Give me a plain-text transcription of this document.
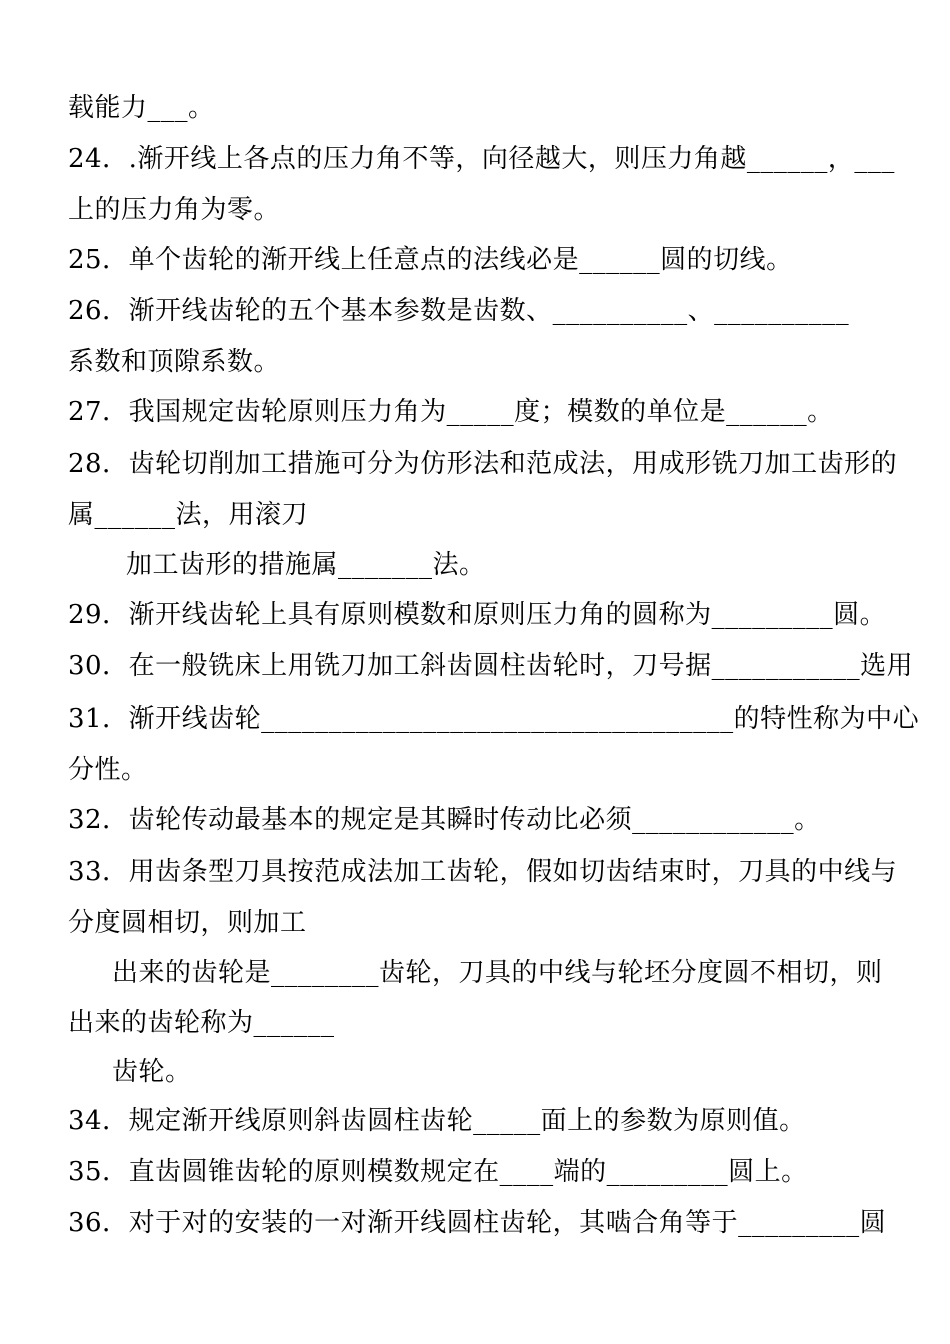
载能力___。
24．.渐开线上各点的压力角不等，向径越大，则压力角越______，___
上的压力角为零。
25．单个齿轮的渐开线上任意点的法线必是______圆的切线。
26．渐开线齿轮的五个基本参数是齿数、__________、__________
系数和顶隙系数。
27．我国规定齿轮原则压力角为_____度；模数的单位是______。
28．齿轮切削加工措施可分为仿形法和范成法，用成形铣刀加工齿形的
属______法，用滚刀
加工齿形的措施属_______法。
29．渐开线齿轮上具有原则模数和原则压力角的圆称为_________圆。
30．在一般铣床上用铣刀加工斜齿圆柱齿轮时，刀号据___________选用
31．渐开线齿轮___________________________________的特性称为中心
分性。
32．齿轮传动最基本的规定是其瞬时传动比必须____________。
33．用齿条型刀具按范成法加工齿轮，假如切齿结束时，刀具的中线与
分度圆相切，则加工
出来的齿轮是________齿轮，刀具的中线与轮坯分度圆不相切，则
出来的齿轮称为______
齿轮。
34．规定渐开线原则斜齿圆柱齿轮_____面上的参数为原则值。
35．直齿圆锥齿轮的原则模数规定在____端的_________圆上。
36．对于对的安装的一对渐开线圆柱齿轮，其啮合角等于_________圆
